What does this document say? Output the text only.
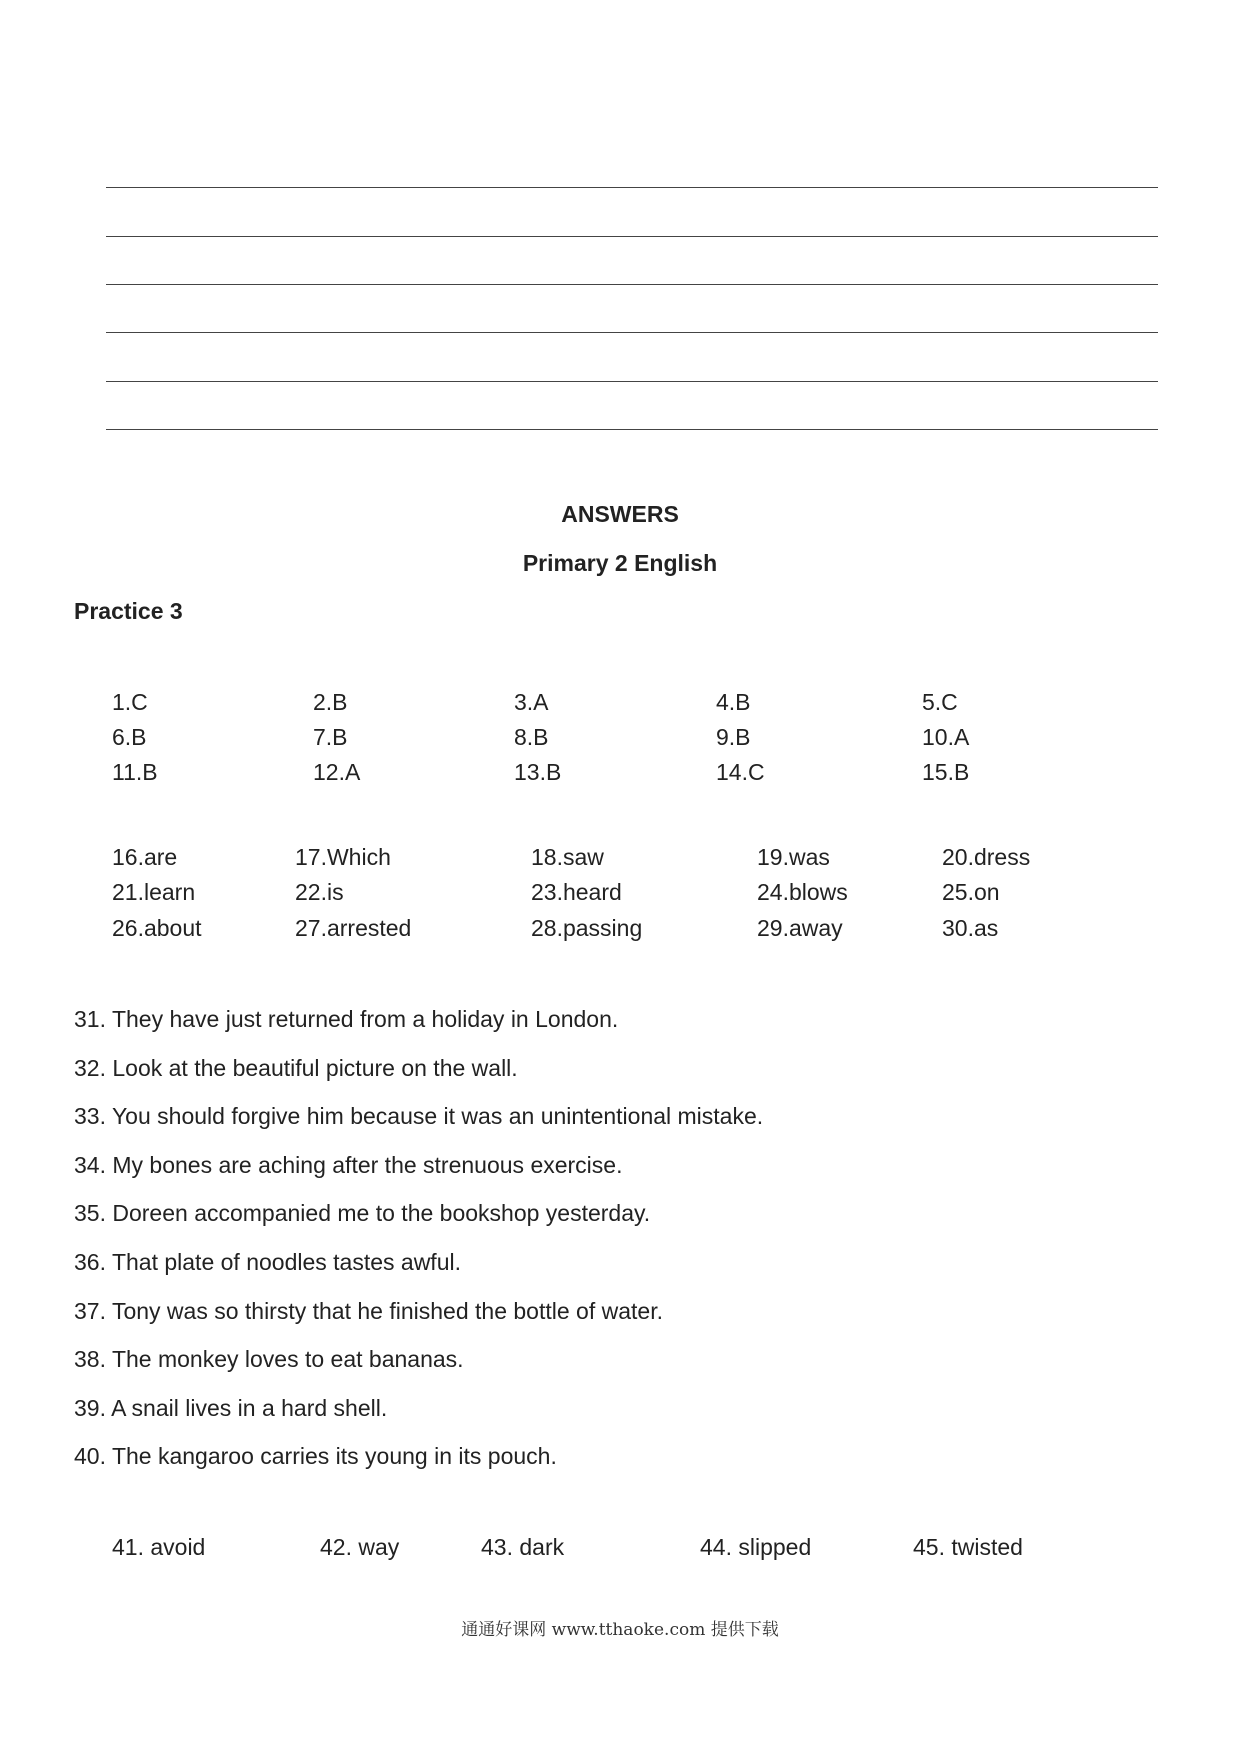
ANSWERS
Primary 2 English
Practice 3
1.C	2.B	3.A	4.B	5.C
6.B	7.B	8.B	9.B	10.A
11.B	12.A	13.B	14.C	15.B
16.are	17.Which	18.saw	19.was	20.dress
21.learn	22.is	23.heard	24.blows	25.on
26.about	27.arrested	28.passing	29.away	30.as
31. They have just returned from a holiday in London.
32. Look at the beautiful picture on the wall.
33. You should forgive him because it was an unintentional mistake.
34. My bones are aching after the strenuous exercise.
35. Doreen accompanied me to the bookshop yesterday.
36. That plate of noodles tastes awful.
37. Tony was so thirsty that he finished the bottle of water.
38. The monkey loves to eat bananas.
39. A snail lives in a hard shell.
40. The kangaroo carries its young in its pouch.
41. avoid	42. way	43. dark	44. slipped	45. twisted
通通好课网 www.tthaoke.com 提供下载
